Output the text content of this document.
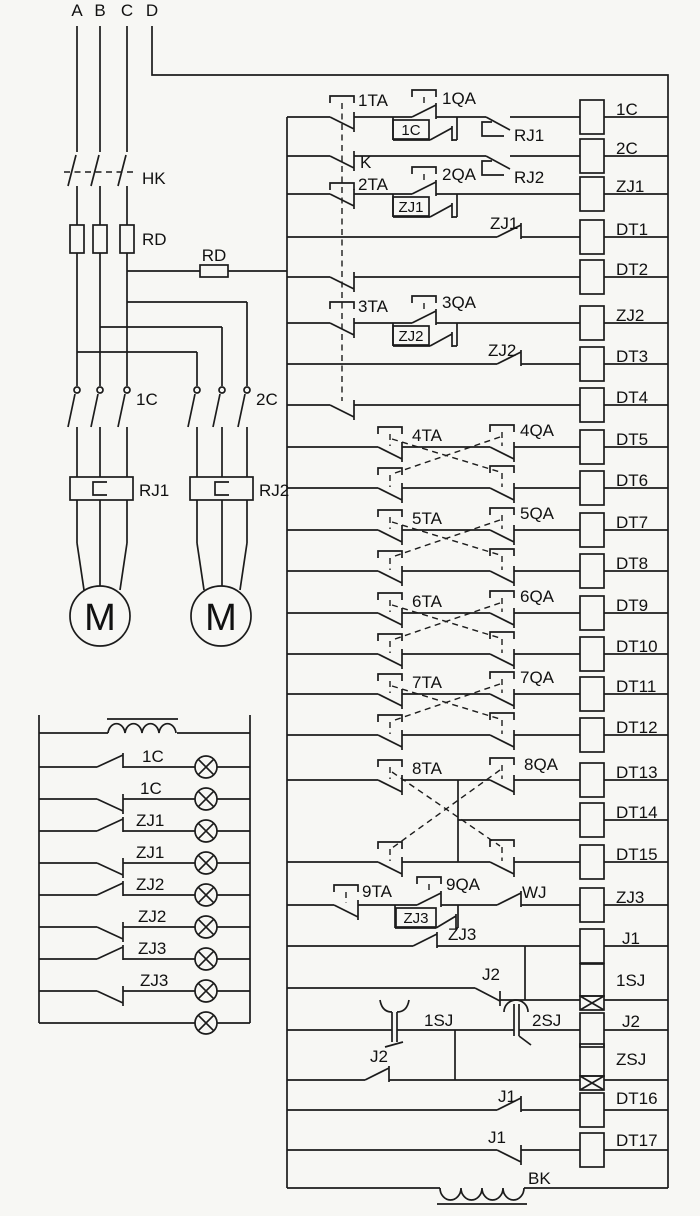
A B C D
HK
RD
RD
1C	2C
RJ1	RJ2
M M
1C
1C
ZJ1
ZJ1
ZJ2
ZJ2
ZJ3
ZJ3
1TA	1QA
1C	RJ1
K
RJ2
2TA
2QA
ZJ1
ZJ1
3TA	3QA
ZJ2
ZJ2
4TA	4QA
5TA	5QA
6TA	6QA
7TA	7QA
8TA	8QA
9TA	9QA WJ
ZJ3
ZJ3
J2
1SJ	2SJ
J2
J1
J1
BK
1C
2C
ZJ1
DT1
DT2
ZJ2
DT3
DT4
DT5
DT6
DT7
DT8
DT9
DT10
DT11
DT12
DT13
DT14
DT15
ZJ3
J1
1SJ
J2
ZSJ
DT16
DT17
